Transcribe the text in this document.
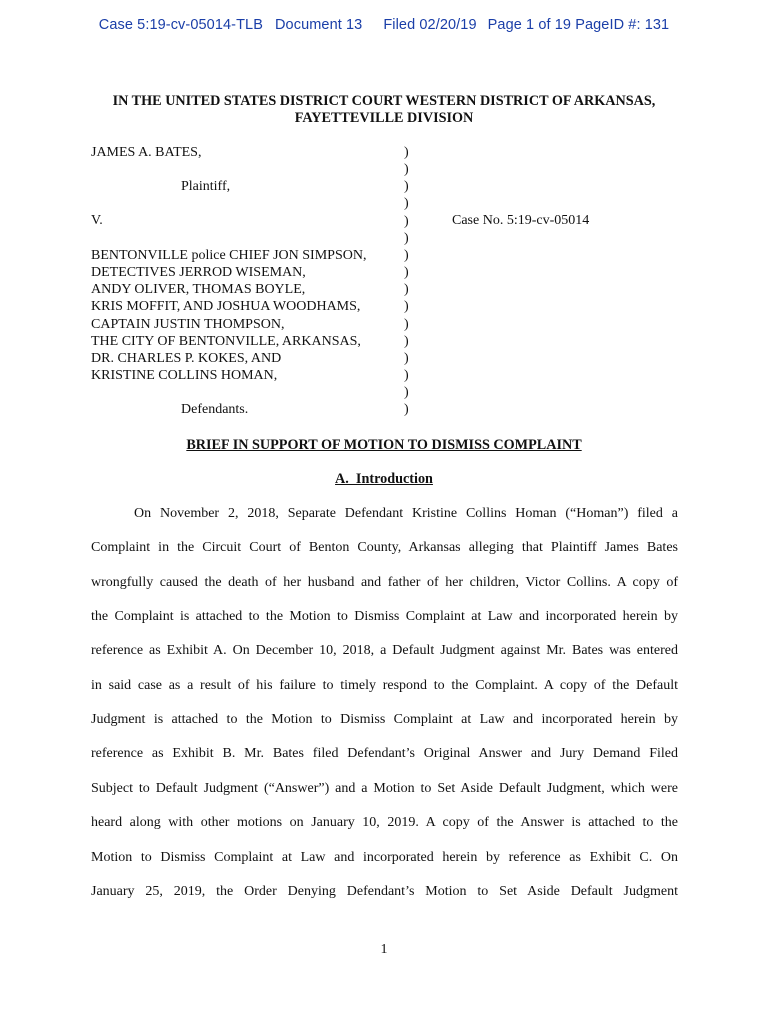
Case 5:19-cv-05014-TLB Document 13 Filed 02/20/19 Page 1 of 19 PageID #: 131
IN THE UNITED STATES DISTRICT COURT WESTERN DISTRICT OF ARKANSAS,
FAYETTEVILLE DIVISION
JAMES A. BATES,
Plaintiff,
V.
BENTONVILLE police CHIEF JON SIMPSON,
DETECTIVES JERROD WISEMAN,
ANDY OLIVER, THOMAS BOYLE,
KRIS MOFFIT, AND JOSHUA WOODHAMS,
CAPTAIN JUSTIN THOMPSON,
THE CITY OF BENTONVILLE, ARKANSAS,
DR. CHARLES P. KOKES, AND
KRISTINE COLLINS HOMAN,
Defendants.
)
)
)
)
)
)
)
)
)
)
)
)
)
)
)
)
Case No. 5:19-cv-05014
BRIEF IN SUPPORT OF MOTION TO DISMISS COMPLAINT
A.  Introduction
On November 2, 2018, Separate Defendant Kristine Collins Homan (“Homan”) filed a
Complaint in the Circuit Court of Benton County, Arkansas alleging that Plaintiff James Bates
wrongfully caused the death of her husband and father of her children, Victor Collins. A copy of
the Complaint is attached to the Motion to Dismiss Complaint at Law and incorporated herein by
reference as Exhibit A. On December 10, 2018, a Default Judgment against Mr. Bates was entered
in said case as a result of his failure to timely respond to the Complaint. A copy of the Default
Judgment is attached to the Motion to Dismiss Complaint at Law and incorporated herein by
reference as Exhibit B. Mr. Bates filed Defendant’s Original Answer and Jury Demand Filed
Subject to Default Judgment (“Answer”) and a Motion to Set Aside Default Judgment, which were
heard along with other motions on January 10, 2019. A copy of the Answer is attached to the
Motion to Dismiss Complaint at Law and incorporated herein by reference as Exhibit C. On
January 25, 2019, the Order Denying Defendant’s Motion to Set Aside Default Judgment
1
